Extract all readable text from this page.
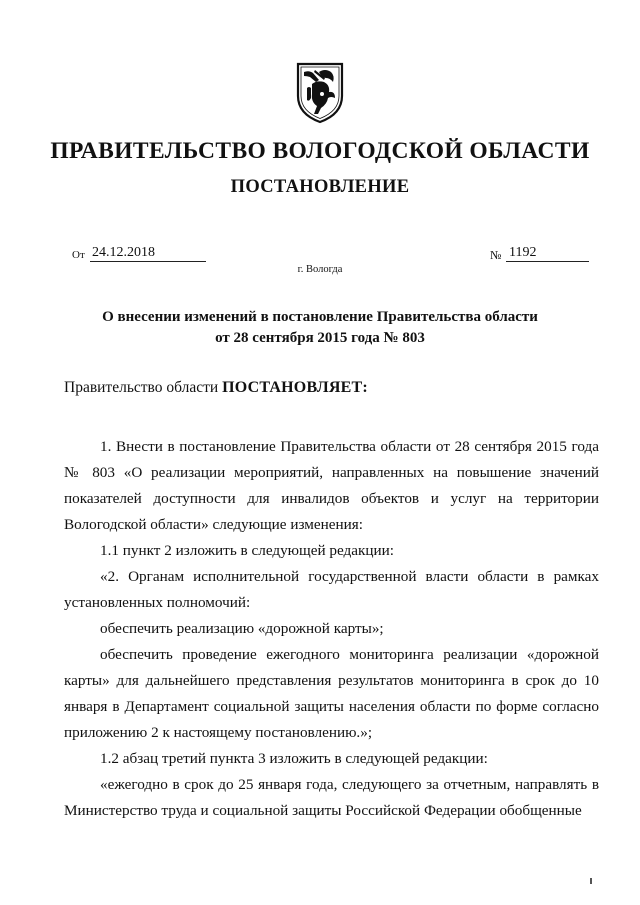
ПРАВИТЕЛЬСТВО ВОЛОГОДСКОЙ ОБЛАСТИ
ПОСТАНОВЛЕНИЕ
От 24.12.2018	№ 1192
г. Вологда
О внесении изменений в постановление Правительства области
от 28 сентября 2015 года № 803
Правительство области ПОСТАНОВЛЯЕТ:

1. Внести в постановление Правительства области от 28 сентября 2015 года № 803 «О реализации мероприятий, направленных на повышение значений показателей доступности для инвалидов объектов и услуг на территории Вологодской области» следующие изменения:

1.1 пункт 2 изложить в следующей редакции:

«2. Органам исполнительной государственной власти области в рамках установленных полномочий:

обеспечить реализацию «дорожной карты»;

обеспечить проведение ежегодного мониторинга реализации «дорожной карты» для дальнейшего представления результатов мониторинга в срок до 10 января в Департамент социальной защиты населения области по форме согласно приложению 2 к настоящему постановлению.»;

1.2 абзац третий пункта 3 изложить в следующей редакции:

«ежегодно в срок до 25 января года, следующего за отчетным, направлять в Министерство труда и социальной защиты Российской Федерации обобщенные
